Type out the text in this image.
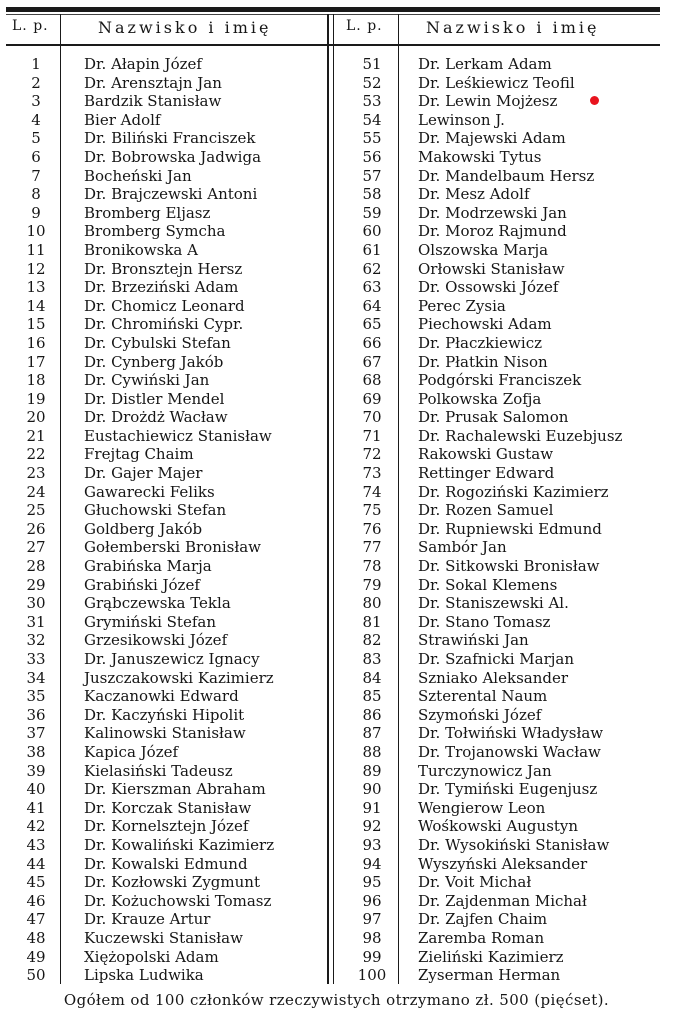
L. p.	Nazwisko i imię	L. p.	Nazwisko i imię
1	Dr. Ałapin Józef
2	Dr. Arensztajn Jan
3	Bardzik Stanisław
4	Bier Adolf
5	Dr. Biliński Franciszek
6	Dr. Bobrowska Jadwiga
7	Bocheński Jan
8	Dr. Brajczewski Antoni
9	Bromberg Eljasz
10	Bromberg Symcha
11	Bronikowska A
12	Dr. Bronsztejn Hersz
13	Dr. Brzeziński Adam
14	Dr. Chomicz Leonard
15	Dr. Chromiński Cypr.
16	Dr. Cybulski Stefan
17	Dr. Cynberg Jakób
18	Dr. Cywiński Jan
19	Dr. Distler Mendel
20	Dr. Drożdż Wacław
21	Eustachiewicz Stanisław
22	Frejtag Chaim
23	Dr. Gajer Majer
24	Gawarecki Feliks
25	Głuchowski Stefan
26	Goldberg Jakób
27	Gołemberski Bronisław
28	Grabińska Marja
29	Grabiński Józef
30	Grąbczewska Tekla
31	Grymiński Stefan
32	Grzesikowski Józef
33	Dr. Januszewicz Ignacy
34	Juszczakowski Kazimierz
35	Kaczanowki Edward
36	Dr. Kaczyński Hipolit
37	Kalinowski Stanisław
38	Kapica Józef
39	Kielasiński Tadeusz
40	Dr. Kierszman Abraham
41	Dr. Korczak Stanisław
42	Dr. Kornelsztejn Józef
43	Dr. Kowaliński Kazimierz
44	Dr. Kowalski Edmund
45	Dr. Kozłowski Zygmunt
46	Dr. Kożuchowski Tomasz
47	Dr. Krauze Artur
48	Kuczewski Stanisław
49	Xiężopolski Adam
50	Lipska Ludwika
51	Dr. Lerkam Adam
52	Dr. Leśkiewicz Teofil
53	Dr. Lewin Mojżesz
54	Lewinson J.
55	Dr. Majewski Adam
56	Makowski Tytus
57	Dr. Mandelbaum Hersz
58	Dr. Mesz Adolf
59	Dr. Modrzewski Jan
60	Dr. Moroz Rajmund
61	Olszowska Marja
62	Orłowski Stanisław
63	Dr. Ossowski Józef
64	Perec Zysia
65	Piechowski Adam
66	Dr. Płaczkiewicz
67	Dr. Płatkin Nison
68	Podgórski Franciszek
69	Polkowska Zofja
70	Dr. Prusak Salomon
71	Dr. Rachalewski Euzebjusz
72	Rakowski Gustaw
73	Rettinger Edward
74	Dr. Rogoziński Kazimierz
75	Dr. Rozen Samuel
76	Dr. Rupniewski Edmund
77	Sambór Jan
78	Dr. Sitkowski Bronisław
79	Dr. Sokal Klemens
80	Dr. Staniszewski Al.
81	Dr. Stano Tomasz
82	Strawiński Jan
83	Dr. Szafnicki Marjan
84	Szniako Aleksander
85	Szterental Naum
86	Szymoński Józef
87	Dr. Tołwiński Władysław
88	Dr. Trojanowski Wacław
89	Turczynowicz Jan
90	Dr. Tymiński Eugenjusz
91	Wengierow Leon
92	Wośkowski Augustyn
93	Dr. Wysokiński Stanisław
94	Wyszyński Aleksander
95	Dr. Voit Michał
96	Dr. Zajdenman Michał
97	Dr. Zajfen Chaim
98	Zaremba Roman
99	Zieliński Kazimierz
100	Zyserman Herman
Ogółem od 100 członków rzeczywistych otrzymano zł. 500 (pięćset).
